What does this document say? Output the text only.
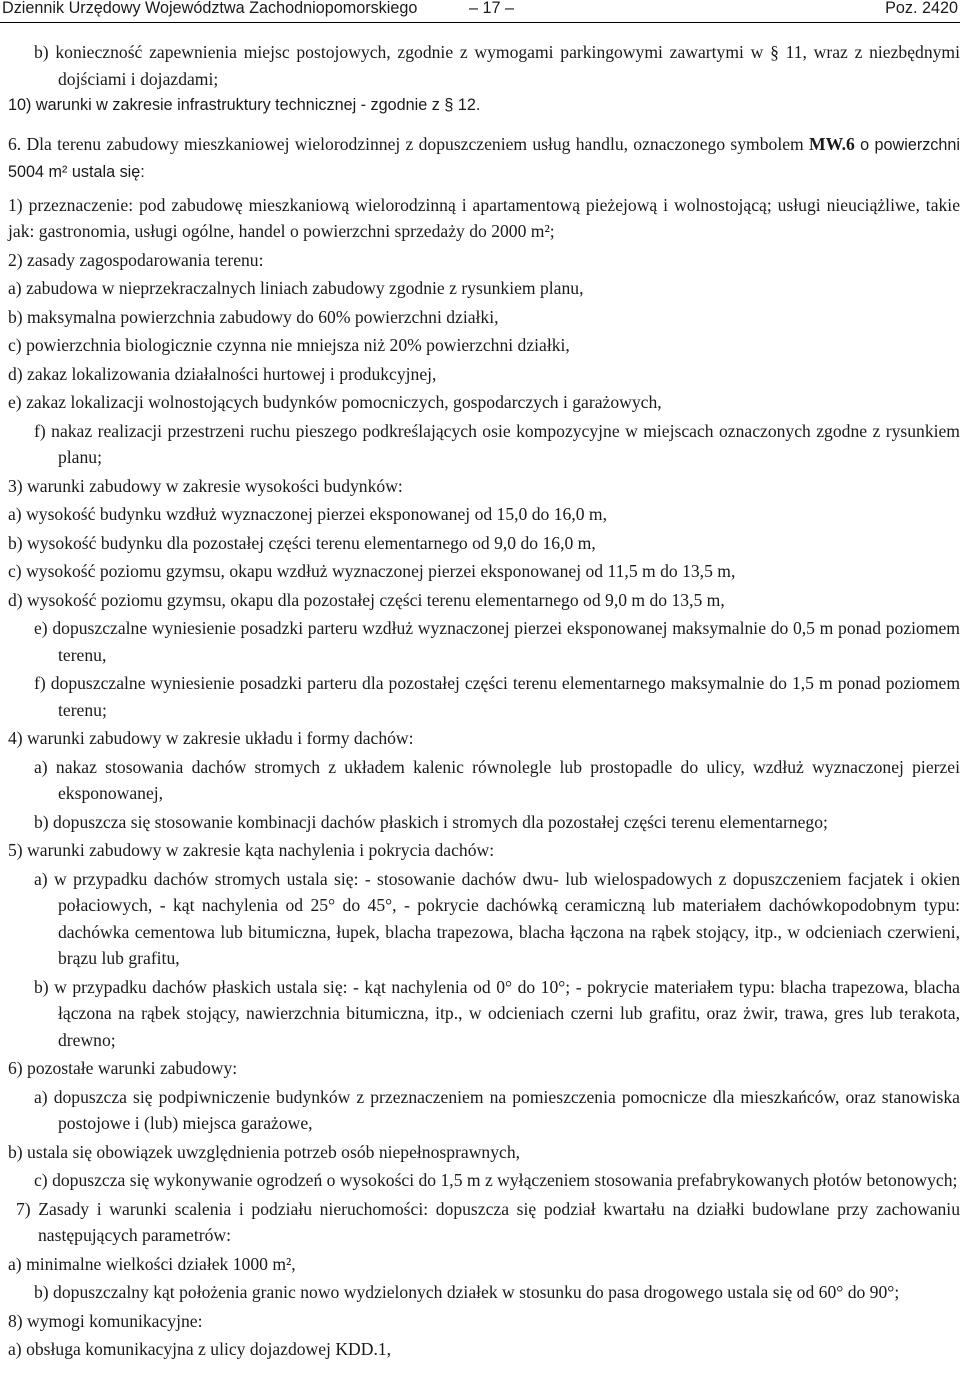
Dziennik Urzędowy Województwa Zachodniopomorskiego	– 17 –	Poz. 2420

b) konieczność zapewnienia miejsc postojowych, zgodnie z wymogami parkingowymi zawartymi w § 11, wraz z niezbędnymi dojściami i dojazdami;

10) warunki w zakresie infrastruktury technicznej - zgodnie z § 12.

6. Dla terenu zabudowy mieszkaniowej wielorodzinnej z dopuszczeniem usług handlu, oznaczonego symbolem MW.6 o powierzchni 5004 m² ustala się:

1) przeznaczenie: pod zabudowę mieszkaniową wielorodzinną i apartamentową pieżejową i wolnostojącą; usługi nieuciążliwe, takie jak: gastronomia, usługi ogólne, handel o powierzchni sprzedaży do 2000 m²;

2) zasady zagospodarowania terenu:

a) zabudowa w nieprzekraczalnych liniach zabudowy zgodnie z rysunkiem planu,

b) maksymalna powierzchnia zabudowy do 60% powierzchni działki,

c) powierzchnia biologicznie czynna nie mniejsza niż 20% powierzchni działki,

d) zakaz lokalizowania działalności hurtowej i produkcyjnej,

e) zakaz lokalizacji wolnostojących budynków pomocniczych, gospodarczych i garażowych,

f) nakaz realizacji przestrzeni ruchu pieszego podkreślających osie kompozycyjne w miejscach oznaczonych zgodne z rysunkiem planu;

3) warunki zabudowy w zakresie wysokości budynków:

a) wysokość budynku wzdłuż wyznaczonej pierzei eksponowanej od 15,0 do 16,0 m,

b) wysokość budynku dla pozostałej części terenu elementarnego od 9,0 do 16,0 m,

c) wysokość poziomu gzymsu, okapu wzdłuż wyznaczonej pierzei eksponowanej od 11,5 m do 13,5 m,

d) wysokość poziomu gzymsu, okapu dla pozostałej części terenu elementarnego od 9,0 m do 13,5 m,

e) dopuszczalne wyniesienie posadzki parteru wzdłuż wyznaczonej pierzei eksponowanej maksymalnie do 0,5 m ponad poziomem terenu,

f) dopuszczalne wyniesienie posadzki parteru dla pozostałej części terenu elementarnego maksymalnie do 1,5 m ponad poziomem terenu;

4) warunki zabudowy w zakresie układu i formy dachów:

a) nakaz stosowania dachów stromych z układem kalenic równolegle lub prostopadle do ulicy, wzdłuż wyznaczonej pierzei eksponowanej,

b) dopuszcza się stosowanie kombinacji dachów płaskich i stromych dla pozostałej części terenu elementarnego;

5) warunki zabudowy w zakresie kąta nachylenia i pokrycia dachów:

a) w przypadku dachów stromych ustala się: - stosowanie dachów dwu- lub wielospadowych z dopuszczeniem facjatek i okien połaciowych, - kąt nachylenia od 25° do 45°, - pokrycie dachówką ceramiczną lub materiałem dachówkopodobnym typu: dachówka cementowa lub bitumiczna, łupek, blacha trapezowa, blacha łączona na rąbek stojący, itp., w odcieniach czerwieni, brązu lub grafitu,

b) w przypadku dachów płaskich ustala się: - kąt nachylenia od 0° do 10°; - pokrycie materiałem typu: blacha trapezowa, blacha łączona na rąbek stojący, nawierzchnia bitumiczna, itp., w odcieniach czerni lub grafitu, oraz żwir, trawa, gres lub terakota, drewno;

6) pozostałe warunki zabudowy:

a) dopuszcza się podpiwniczenie budynków z przeznaczeniem na pomieszczenia pomocnicze dla mieszkańców, oraz stanowiska postojowe i (lub) miejsca garażowe,

b) ustala się obowiązek uwzględnienia potrzeb osób niepełnosprawnych,

c) dopuszcza się wykonywanie ogrodzeń o wysokości do 1,5 m z wyłączeniem stosowania prefabrykowanych płotów betonowych;

7) Zasady i warunki scalenia i podziału nieruchomości: dopuszcza się podział kwartału na działki budowlane przy zachowaniu następujących parametrów:

a) minimalne wielkości działek 1000 m²,

b) dopuszczalny kąt położenia granic nowo wydzielonych działek w stosunku do pasa drogowego ustala się od 60° do 90°;

8) wymogi komunikacyjne:

a) obsługa komunikacyjna z ulicy dojazdowej KDD.1,
